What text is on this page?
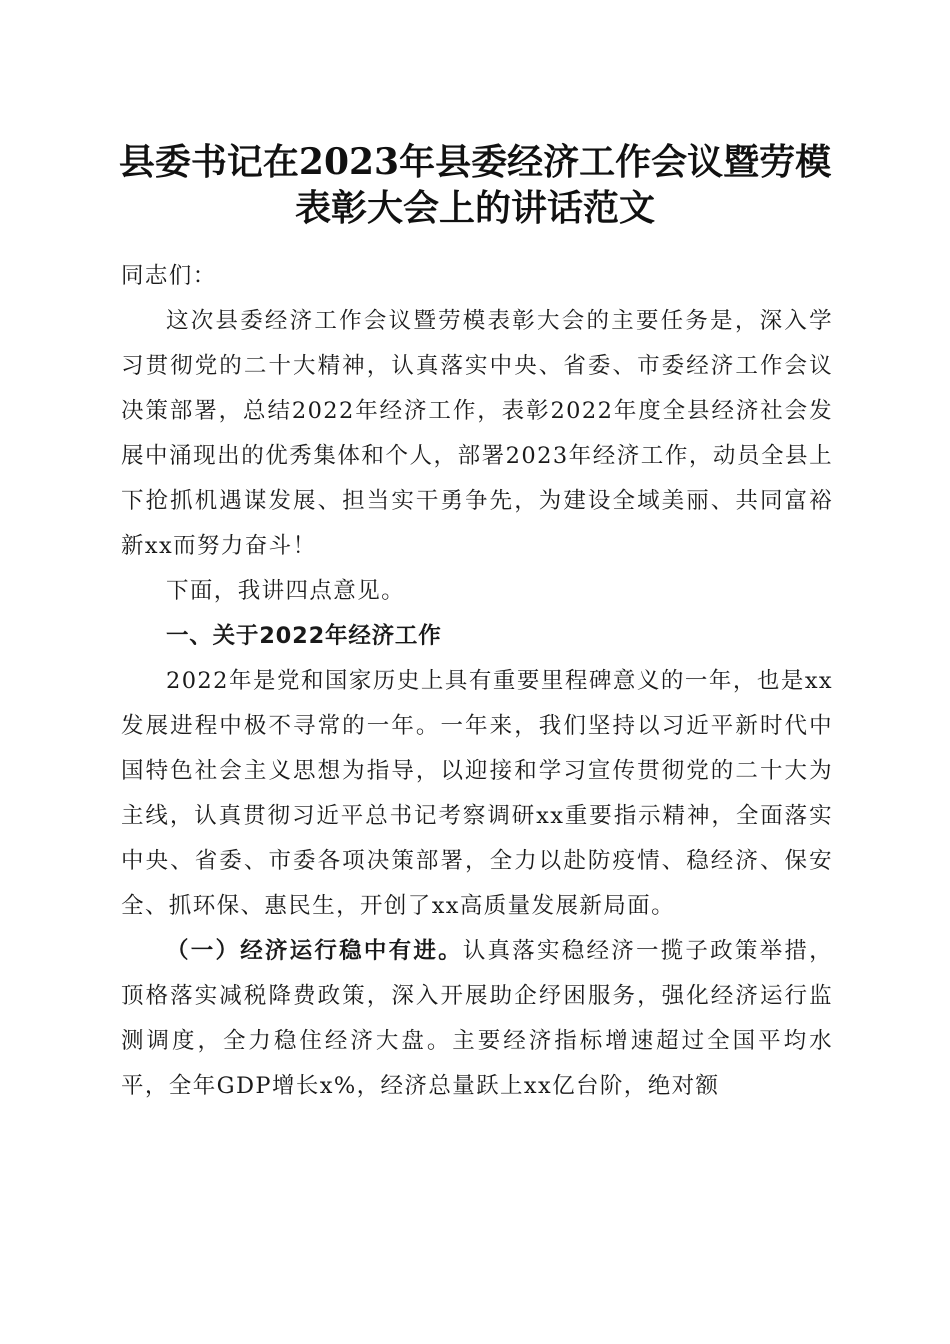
县委书记在2023年县委经济工作会议暨劳模
表彰大会上的讲话范文

同志们：

这次县委经济工作会议暨劳模表彰大会的主要任务是，深入学习贯彻党的二十大精神，认真落实中央、省委、市委经济工作会议决策部署，总结2022年经济工作，表彰2022年度全县经济社会发展中涌现出的优秀集体和个人，部署2023年经济工作，动员全县上下抢抓机遇谋发展、担当实干勇争先，为建设全域美丽、共同富裕新xx而努力奋斗！

下面，我讲四点意见。

一、关于2022年经济工作

2022年是党和国家历史上具有重要里程碑意义的一年，也是xx发展进程中极不寻常的一年。一年来，我们坚持以习近平新时代中国特色社会主义思想为指导，以迎接和学习宣传贯彻党的二十大为主线，认真贯彻习近平总书记考察调研xx重要指示精神，全面落实中央、省委、市委各项决策部署，全力以赴防疫情、稳经济、保安全、抓环保、惠民生，开创了xx高质量发展新局面。

（一）经济运行稳中有进。认真落实稳经济一揽子政策举措，顶格落实减税降费政策，深入开展助企纾困服务，强化经济运行监测调度，全力稳住经济大盘。主要经济指标增速超过全国平均水平，全年GDP增长x%，经济总量跃上xx亿台阶，绝对额
